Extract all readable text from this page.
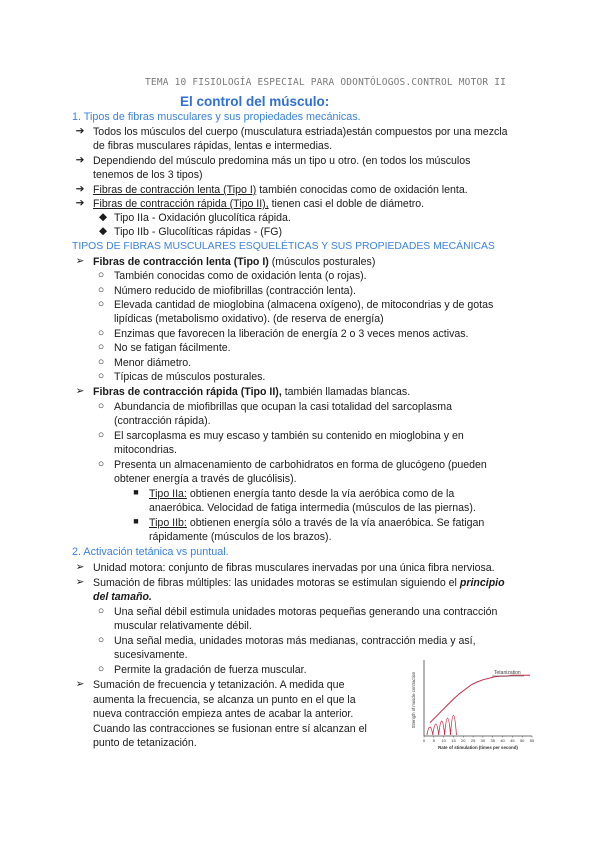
TEMA 10 FISIOLOGÍA ESPECIAL PARA ODONTÓLOGOS.CONTROL MOTOR II
El control del músculo:
1. Tipos de fibras musculares y sus propiedades mecánicas.
➔ Todos los músculos del cuerpo (musculatura estriada)están compuestos por una mezcla
de fibras musculares rápidas, lentas e intermedias.
➔ Dependiendo del músculo predomina más un tipo u otro. (en todos los músculos
tenemos de los 3 tipos)
➔ Fibras de contracción lenta (Tipo I) también conocidas como de oxidación lenta.
➔ Fibras de contracción rápida (Tipo II), tienen casi el doble de diámetro.
◆ Tipo IIa - Oxidación glucolítica rápida.
◆ Tipo IIb - Glucolíticas rápidas - (FG)
TIPOS DE FIBRAS MUSCULARES ESQUELÉTICAS Y SUS PROPIEDADES MECÁNICAS
➢ Fibras de contracción lenta (Tipo I) (músculos posturales)
○ También conocidas como de oxidación lenta (o rojas).
○ Número reducido de miofibrillas (contracción lenta).
○ Elevada cantidad de mioglobina (almacena oxígeno), de mitocondrias y de gotas
lipídicas (metabolismo oxidativo). (de reserva de energía)
○ Enzimas que favorecen la liberación de energía 2 o 3 veces menos activas.
○ No se fatigan fácilmente.
○ Menor diámetro.
○ Típicas de músculos posturales.
➢ Fibras de contracción rápida (Tipo II), también llamadas blancas.
○ Abundancia de miofibrillas que ocupan la casi totalidad del sarcoplasma
(contracción rápida).
○ El sarcoplasma es muy escaso y también su contenido en mioglobina y en
mitocondrias.
○ Presenta un almacenamiento de carbohidratos en forma de glucógeno (pueden
obtener energía a través de glucólisis).
■ Tipo IIa: obtienen energía tanto desde la vía aeróbica como de la
anaeróbica. Velocidad de fatiga intermedia (músculos de las piernas).
■ Tipo IIb: obtienen energía sólo a través de la vía anaeróbica. Se fatigan
rápidamente (músculos de los brazos).
2. Activación tetánica vs puntual.
➢ Unidad motora: conjunto de fibras musculares inervadas por una única fibra nerviosa.
➢ Sumación de fibras múltiples: las unidades motoras se estimulan siguiendo el principio
del tamaño.
○ Una señal débil estimula unidades motoras pequeñas generando una contracción
muscular relativamente débil.
○ Una señal media, unidades motoras más medianas, contracción media y así,
sucesivamente.
○ Permite la gradación de fuerza muscular.
➢ Sumación de frecuencia y tetanización. A medida que
aumenta la frecuencia, se alcanza un punto en el que la
nueva contracción empieza antes de acabar la anterior.
Cuando las contracciones se fusionan entre sí alcanzan el
punto de tetanización.	0 5 10 15 20 25 30 35 40 45 50 55
Tetanization
Strength of muscle contraction
Rate of stimulation (times per second)
